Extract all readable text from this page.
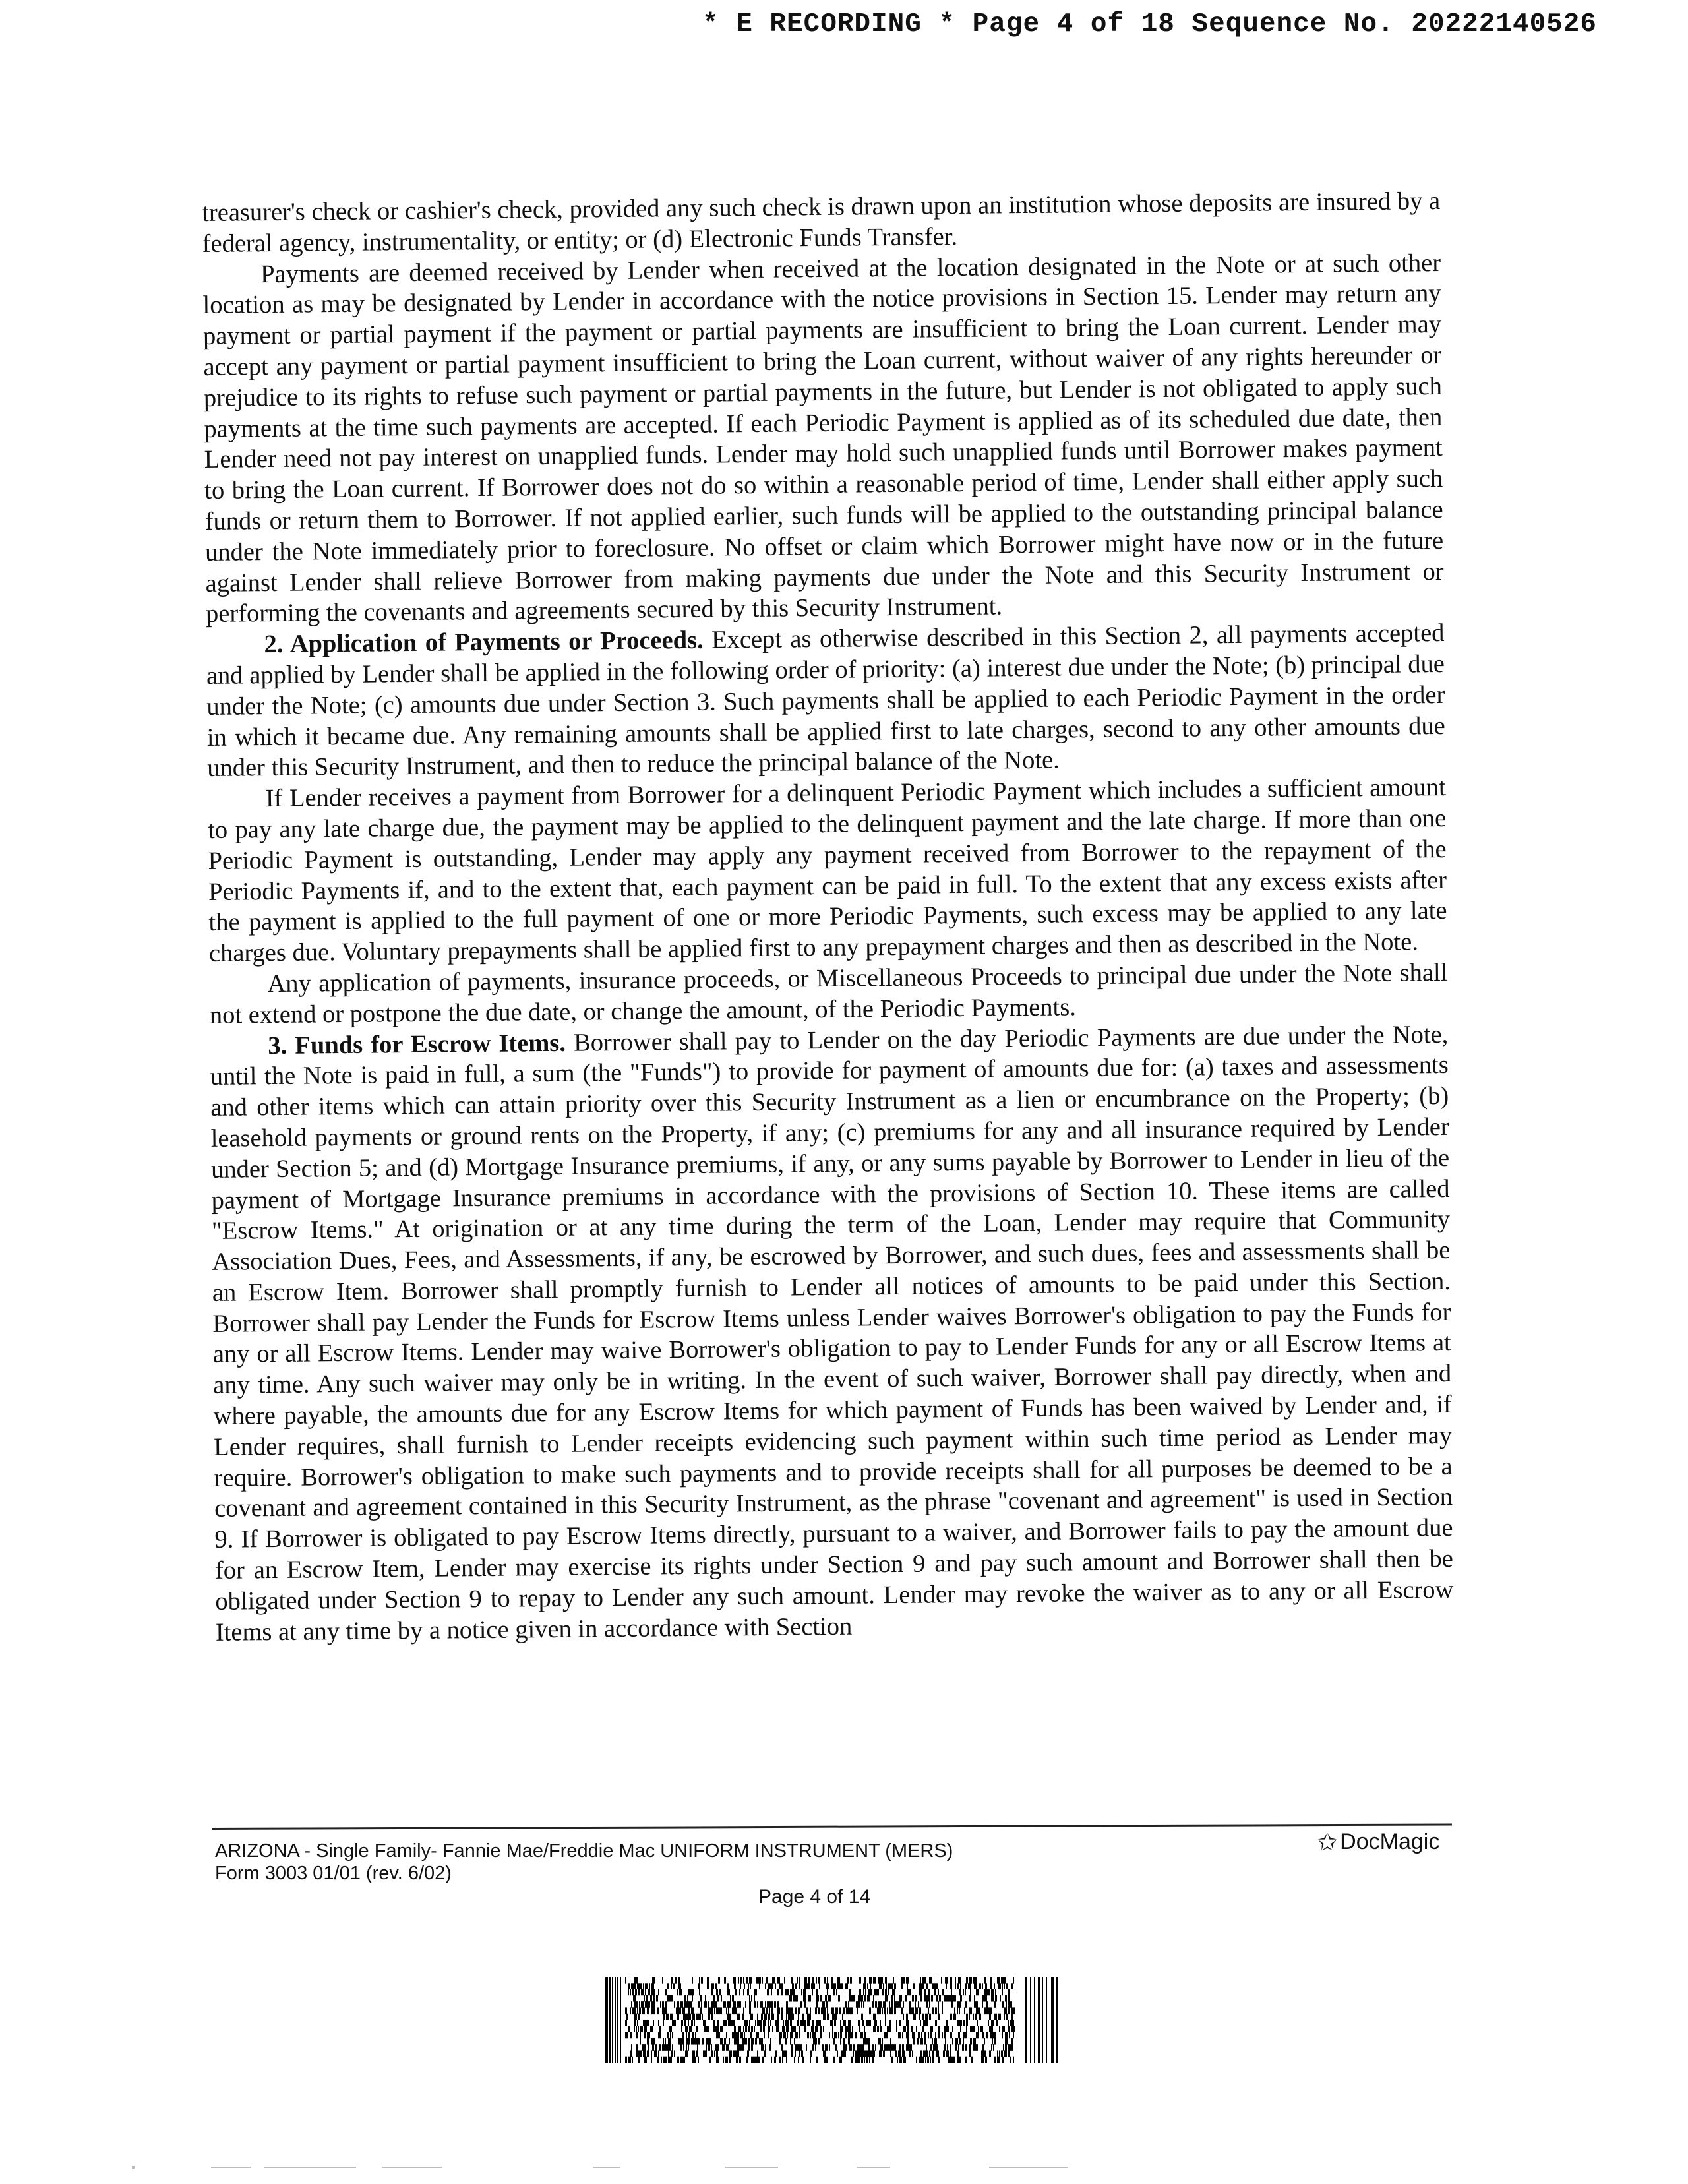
* E RECORDING * Page 4 of 18 Sequence No. 20222140526

treasurer's check or cashier's check, provided any such check is drawn upon an institution whose deposits are insured by a federal agency, instrumentality, or entity; or (d) Electronic Funds Transfer.

Payments are deemed received by Lender when received at the location designated in the Note or at such other location as may be designated by Lender in accordance with the notice provisions in Section 15. Lender may return any payment or partial payment if the payment or partial payments are insufficient to bring the Loan current. Lender may accept any payment or partial payment insufficient to bring the Loan current, without waiver of any rights hereunder or prejudice to its rights to refuse such payment or partial payments in the future, but Lender is not obligated to apply such payments at the time such payments are accepted. If each Periodic Payment is applied as of its scheduled due date, then Lender need not pay interest on unapplied funds. Lender may hold such unapplied funds until Borrower makes payment to bring the Loan current. If Borrower does not do so within a reasonable period of time, Lender shall either apply such funds or return them to Borrower. If not applied earlier, such funds will be applied to the outstanding principal balance under the Note immediately prior to foreclosure. No offset or claim which Borrower might have now or in the future against Lender shall relieve Borrower from making payments due under the Note and this Security Instrument or performing the covenants and agreements secured by this Security Instrument.

2. Application of Payments or Proceeds. Except as otherwise described in this Section 2, all payments accepted and applied by Lender shall be applied in the following order of priority: (a) interest due under the Note; (b) principal due under the Note; (c) amounts due under Section 3. Such payments shall be applied to each Periodic Payment in the order in which it became due. Any remaining amounts shall be applied first to late charges, second to any other amounts due under this Security Instrument, and then to reduce the principal balance of the Note.

If Lender receives a payment from Borrower for a delinquent Periodic Payment which includes a sufficient amount to pay any late charge due, the payment may be applied to the delinquent payment and the late charge. If more than one Periodic Payment is outstanding, Lender may apply any payment received from Borrower to the repayment of the Periodic Payments if, and to the extent that, each payment can be paid in full. To the extent that any excess exists after the payment is applied to the full payment of one or more Periodic Payments, such excess may be applied to any late charges due. Voluntary prepayments shall be applied first to any prepayment charges and then as described in the Note.

Any application of payments, insurance proceeds, or Miscellaneous Proceeds to principal due under the Note shall not extend or postpone the due date, or change the amount, of the Periodic Payments.

3. Funds for Escrow Items. Borrower shall pay to Lender on the day Periodic Payments are due under the Note, until the Note is paid in full, a sum (the "Funds") to provide for payment of amounts due for: (a) taxes and assessments and other items which can attain priority over this Security Instrument as a lien or encumbrance on the Property; (b) leasehold payments or ground rents on the Property, if any; (c) premiums for any and all insurance required by Lender under Section 5; and (d) Mortgage Insurance premiums, if any, or any sums payable by Borrower to Lender in lieu of the payment of Mortgage Insurance premiums in accordance with the provisions of Section 10. These items are called "Escrow Items." At origination or at any time during the term of the Loan, Lender may require that Community Association Dues, Fees, and Assessments, if any, be escrowed by Borrower, and such dues, fees and assessments shall be an Escrow Item. Borrower shall promptly furnish to Lender all notices of amounts to be paid under this Section. Borrower shall pay Lender the Funds for Escrow Items unless Lender waives Borrower's obligation to pay the Funds for any or all Escrow Items. Lender may waive Borrower's obligation to pay to Lender Funds for any or all Escrow Items at any time. Any such waiver may only be in writing. In the event of such waiver, Borrower shall pay directly, when and where payable, the amounts due for any Escrow Items for which payment of Funds has been waived by Lender and, if Lender requires, shall furnish to Lender receipts evidencing such payment within such time period as Lender may require. Borrower's obligation to make such payments and to provide receipts shall for all purposes be deemed to be a covenant and agreement contained in this Security Instrument, as the phrase "covenant and agreement" is used in Section 9. If Borrower is obligated to pay Escrow Items directly, pursuant to a waiver, and Borrower fails to pay the amount due for an Escrow Item, Lender may exercise its rights under Section 9 and pay such amount and Borrower shall then be obligated under Section 9 to repay to Lender any such amount. Lender may revoke the waiver as to any or all Escrow Items at any time by a notice given in accordance with Section

ARIZONA - Single Family- Fannie Mae/Freddie Mac UNIFORM INSTRUMENT (MERS)
Form 3003 01/01 (rev. 6/02)
✩ DocMagic
Page 4 of 14
